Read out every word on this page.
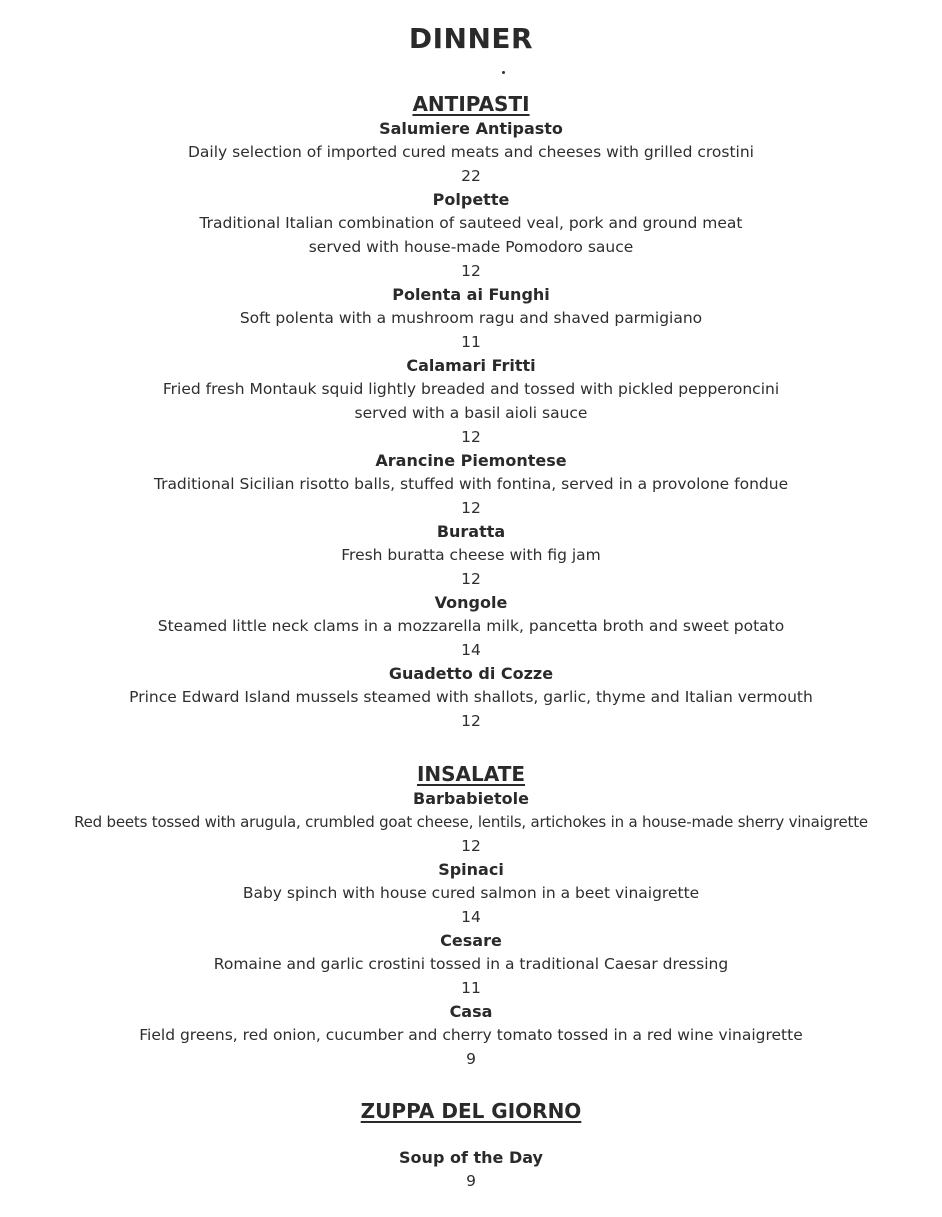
DINNER
ANTIPASTI
Salumiere Antipasto
Daily selection of imported cured meats and cheeses with grilled crostini
22
Polpette
Traditional Italian combination of sauteed veal, pork and ground meat
served with house-made Pomodoro sauce
12
Polenta ai Funghi
Soft polenta with a mushroom ragu and shaved parmigiano
11
Calamari Fritti
Fried fresh Montauk squid lightly breaded and tossed with pickled pepperoncini
served with a basil aioli sauce
12
Arancine Piemontese
Traditional Sicilian risotto balls, stuffed with fontina, served in a provolone fondue
12
Buratta
Fresh buratta cheese with fig jam
12
Vongole
Steamed little neck clams in a mozzarella milk, pancetta broth and sweet potato
14
Guadetto di Cozze
Prince Edward Island mussels steamed with shallots, garlic, thyme and Italian vermouth
12
INSALATE
Barbabietole
Red beets tossed with arugula, crumbled goat cheese, lentils, artichokes in a house-made sherry vinaigrette
12
Spinaci
Baby spinch with house cured salmon in a beet vinaigrette
14
Cesare
Romaine and garlic crostini tossed in a traditional Caesar dressing
11
Casa
Field greens, red onion, cucumber and cherry tomato tossed in a red wine vinaigrette
9
ZUPPA DEL GIORNO
Soup of the Day
9
